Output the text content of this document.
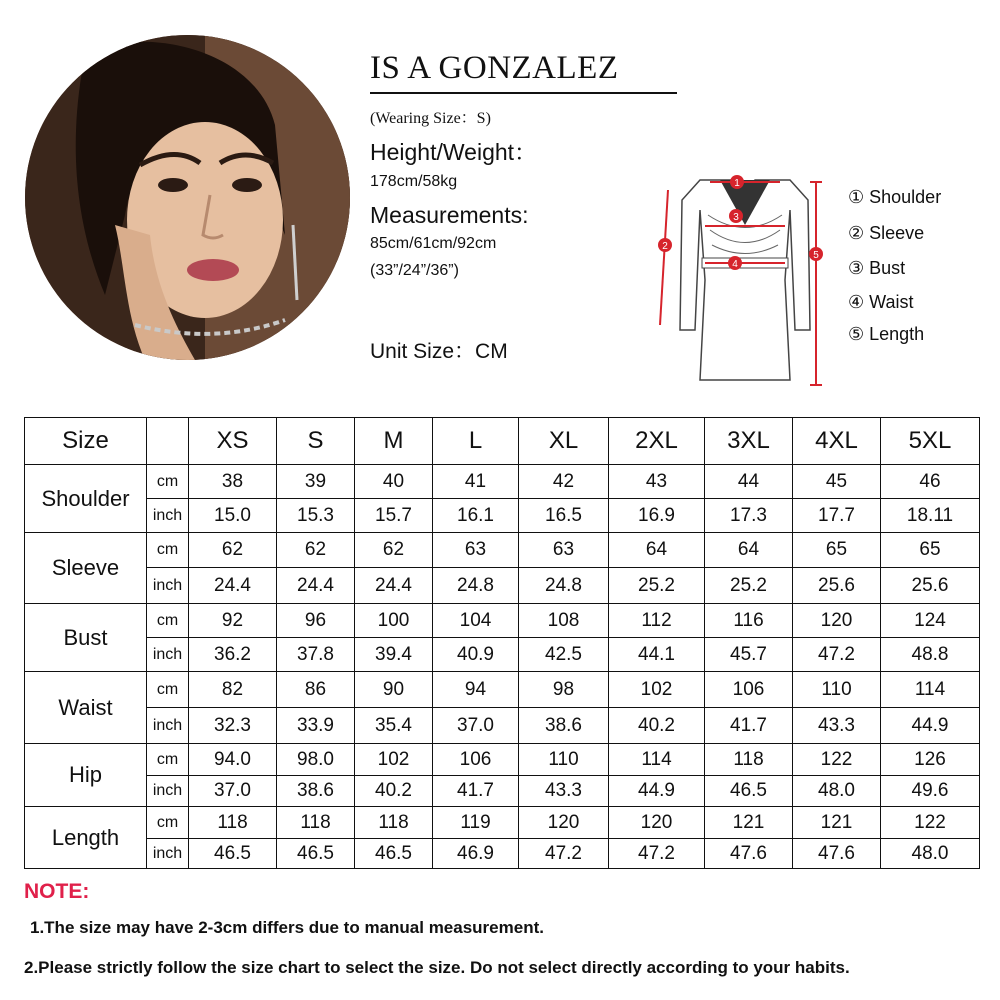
IS A GONZALEZ
(Wearing Size：S)
Height/Weight：
178cm/58kg
Measurements:
85cm/61cm/92cm
(33”/24”/36”)
Unit Size：CM
1
2
3
4
5
① Shoulder
② Sleeve
③ Bust
④ Waist
⑤ Length
Size		XS	S	M	L	XL	2XL	3XL	4XL	5XL
Shoulder	cm	38	39	40	41	42	43	44	45	46
	inch	15.0	15.3	15.7	16.1	16.5	16.9	17.3	17.7	18.11
Sleeve	cm	62	62	62	63	63	64	64	65	65
	inch	24.4	24.4	24.4	24.8	24.8	25.2	25.2	25.6	25.6
Bust	cm	92	96	100	104	108	112	116	120	124
	inch	36.2	37.8	39.4	40.9	42.5	44.1	45.7	47.2	48.8
Waist	cm	82	86	90	94	98	102	106	110	114
	inch	32.3	33.9	35.4	37.0	38.6	40.2	41.7	43.3	44.9
Hip	cm	94.0	98.0	102	106	110	114	118	122	126
	inch	37.0	38.6	40.2	41.7	43.3	44.9	46.5	48.0	49.6
Length	cm	118	118	118	119	120	120	121	121	122
	inch	46.5	46.5	46.5	46.9	47.2	47.2	47.6	47.6	48.0
NOTE:
1.The size may have 2-3cm differs due to manual measurement.
2.Please strictly follow the size chart to select the size. Do not select directly according to your habits.
